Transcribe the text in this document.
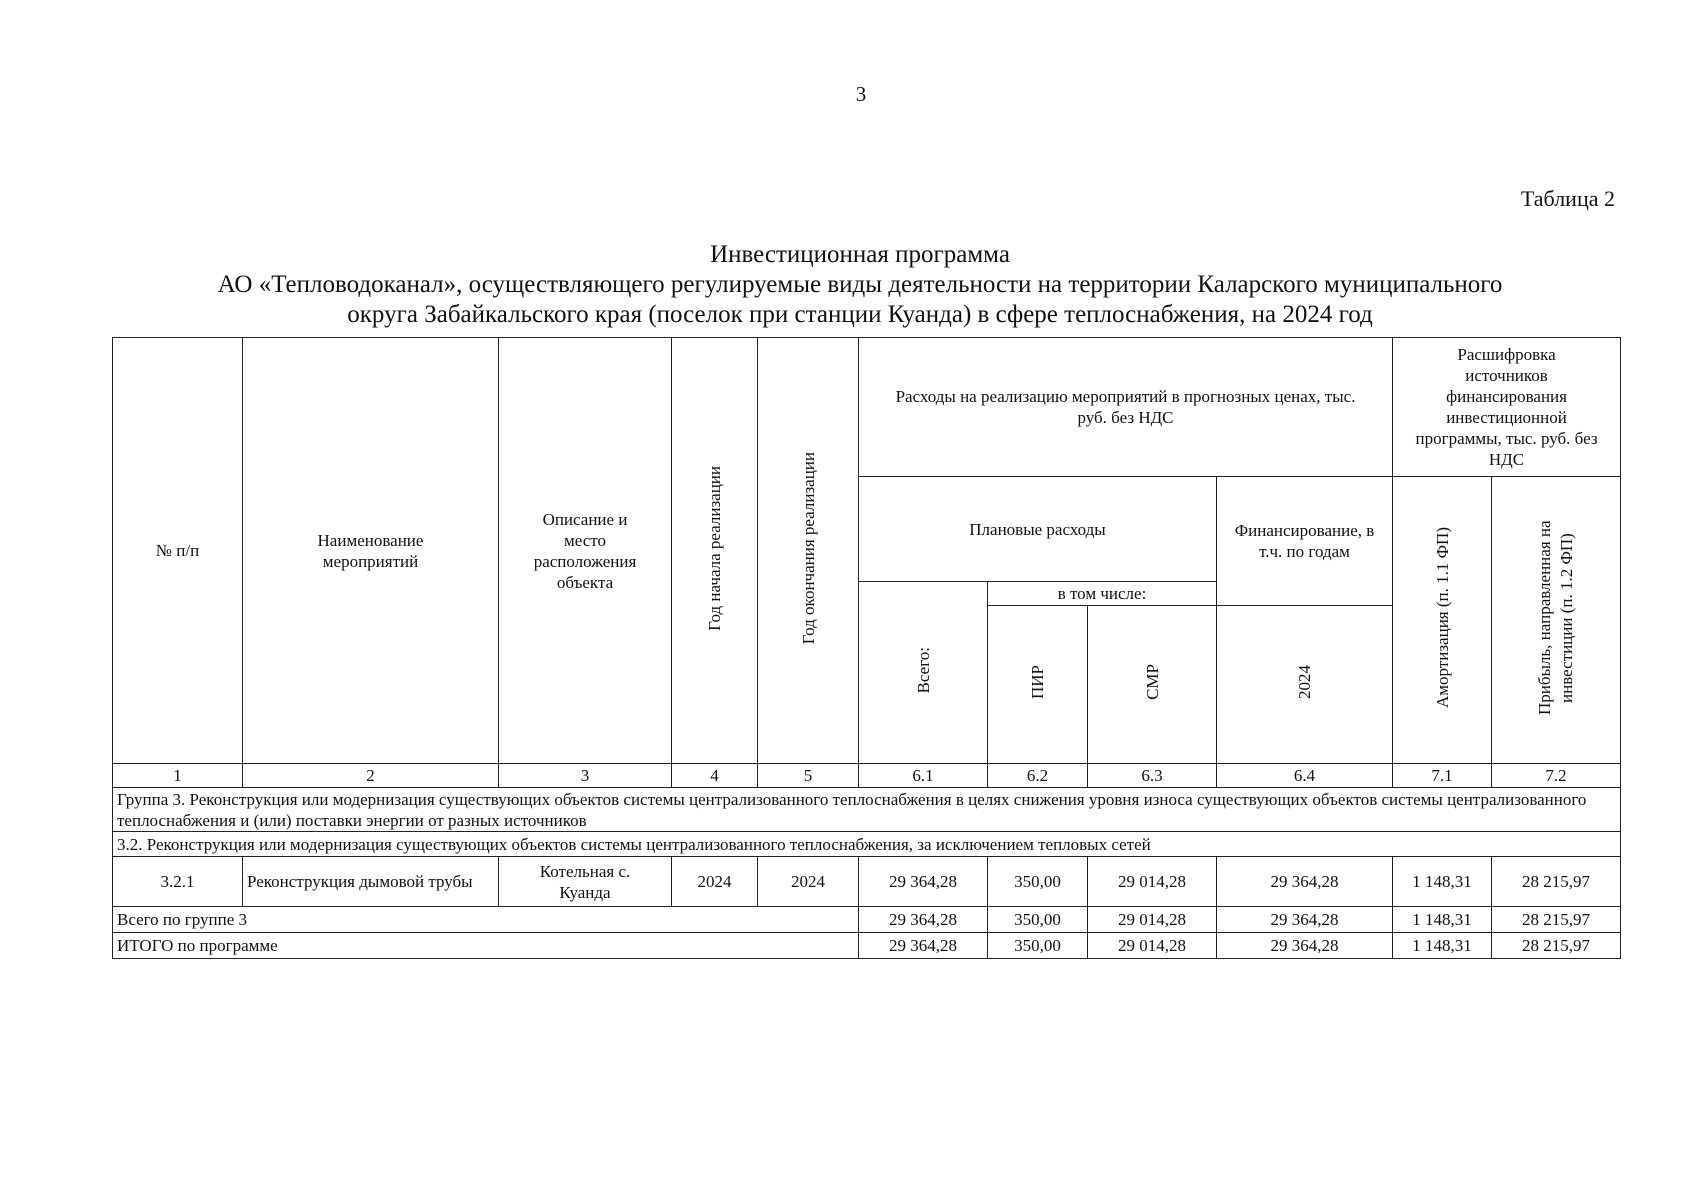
3
Таблица 2
Инвестиционная программа
АО «Тепловодоканал», осуществляющего регулируемые виды деятельности на территории Каларского муниципального
округа Забайкальского края (поселок при станции Куанда) в сфере теплоснабжения, на 2024 год
№ п/п	Наименование мероприятий	Описание и место расположения объекта	Год начала реализации	Год окончания реализации	Расходы на реализацию мероприятий в прогнозных ценах, тыс. руб. без НДС				Расшифровка источников финансирования инвестиционной программы, тыс. руб. без НДС	
					Плановые расходы			Финансирование, в т.ч. по годам	Амортизация (п. 1.1 ФП)	Прибыль, направленная на инвестиции (п. 1.2 ФП)
					Всего:	в том числе:				
						ПИР	СМР	2024		
1	2	3	4	5	6.1	6.2	6.3	6.4	7.1	7.2
Группа 3. Реконструкция или модернизация существующих объектов системы централизованного теплоснабжения в целях снижения уровня износа существующих объектов системы централизованного теплоснабжения и (или) поставки энергии от разных источников										
3.2. Реконструкция или модернизация существующих объектов системы централизованного теплоснабжения, за исключением тепловых сетей										
3.2.1	Реконструкция дымовой трубы	Котельная с. Куанда	2024	2024	29 364,28	350,00	29 014,28	29 364,28	1 148,31	28 215,97
Всего по группе 3					29 364,28	350,00	29 014,28	29 364,28	1 148,31	28 215,97
ИТОГО по программе					29 364,28	350,00	29 014,28	29 364,28	1 148,31	28 215,97
